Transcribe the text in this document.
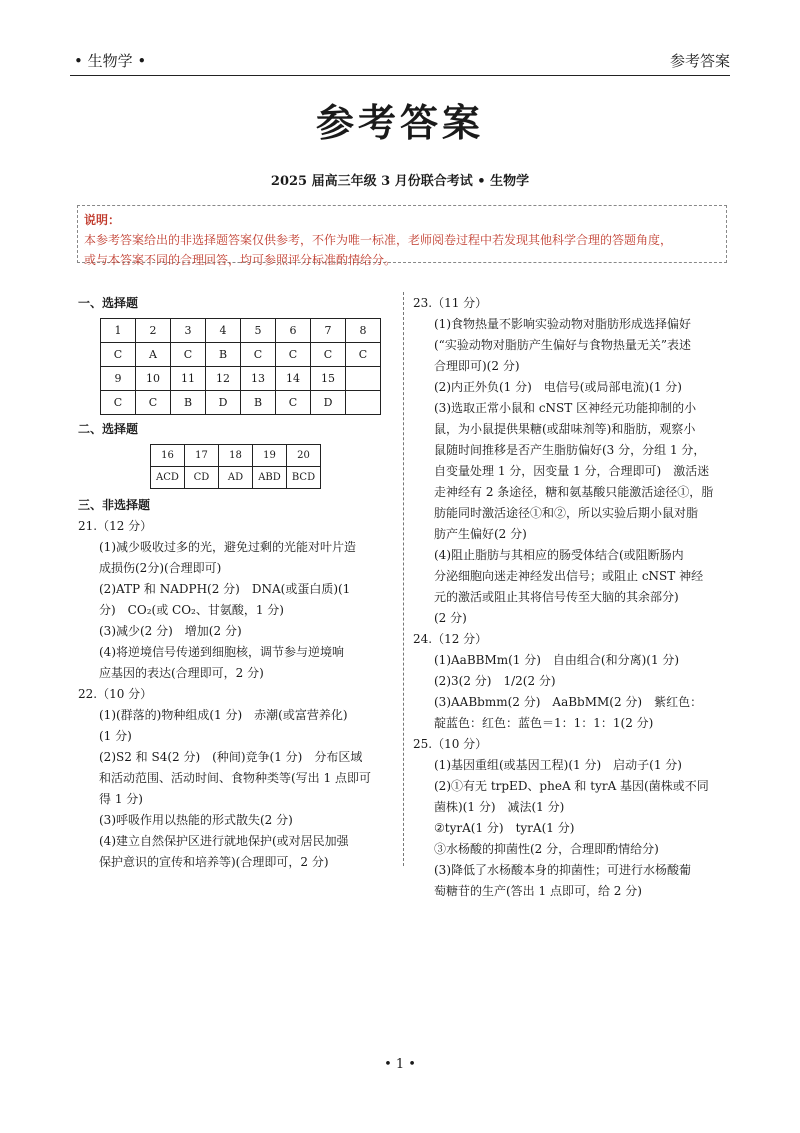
• 生物学 •	参考答案
参考答案
2025 届高三年级 3 月份联合考试 • 生物学
说明：
本参考答案给出的非选择题答案仅供参考，不作为唯一标准，老师阅卷过程中若发现其他科学合理的答题角度，
或与本答案不同的合理回答，均可参照评分标准酌情给分。
一、选择题
1	2	3	4	5	6	7	8
C	A	C	B	C	C	C	C
9	10	11	12	13	14	15	
C	C	B	D	B	C	D	
二、选择题
16	17	18	19	20
ACD	CD	AD	ABD	BCD
三、非选择题
21.（12 分）
(1)减少吸收过多的光，避免过剩的光能对叶片造
成损伤(2分)(合理即可)
(2)ATP 和 NADPH(2 分)　DNA(或蛋白质)(1
分)　CO₂(或 CO₂、甘氨酸，1 分)
(3)减少(2 分)　增加(2 分)
(4)将逆境信号传递到细胞核，调节参与逆境响
应基因的表达(合理即可，2 分)
22.（10 分）
(1)(群落的)物种组成(1 分)　赤潮(或富营养化)
(1 分)
(2)S2 和 S4(2 分)　(种间)竞争(1 分)　分布区域
和活动范围、活动时间、食物种类等(写出 1 点即可
得 1 分)
(3)呼吸作用以热能的形式散失(2 分)
(4)建立自然保护区进行就地保护(或对居民加强
保护意识的宣传和培养等)(合理即可，2 分)
23.（11 分）
(1)食物热量不影响实验动物对脂肪形成选择偏好
(“实验动物对脂肪产生偏好与食物热量无关”表述
合理即可)(2 分)
(2)内正外负(1 分)　电信号(或局部电流)(1 分)
(3)选取正常小鼠和 cNST 区神经元功能抑制的小
鼠，为小鼠提供果糖(或甜味剂等)和脂肪，观察小
鼠随时间推移是否产生脂肪偏好(3 分，分组 1 分，
自变量处理 1 分，因变量 1 分，合理即可)　激活迷
走神经有 2 条途径，糖和氨基酸只能激活途径①，脂
肪能同时激活途径①和②，所以实验后期小鼠对脂
肪产生偏好(2 分)
(4)阻止脂肪与其相应的肠受体结合(或阻断肠内
分泌细胞向迷走神经发出信号；或阻止 cNST 神经
元的激活或阻止其将信号传至大脑的其余部分)
(2 分)
24.（12 分）
(1)AaBBMm(1 分)　自由组合(和分离)(1 分)
(2)3(2 分)　1/2(2 分)
(3)AABbmm(2 分)　AaBbMM(2 分)　紫红色：
靛蓝色：红色：蓝色＝1：1：1：1(2 分)
25.（10 分）
(1)基因重组(或基因工程)(1 分)　启动子(1 分)
(2)①有无 trpED、pheA 和 tyrA 基因(菌株或不同
菌株)(1 分)　减法(1 分)
②tyrA(1 分)　tyrA(1 分)
③水杨酸的抑菌性(2 分，合理即酌情给分)
(3)降低了水杨酸本身的抑菌性；可进行水杨酸葡
萄糖苷的生产(答出 1 点即可，给 2 分)
• 1 •
